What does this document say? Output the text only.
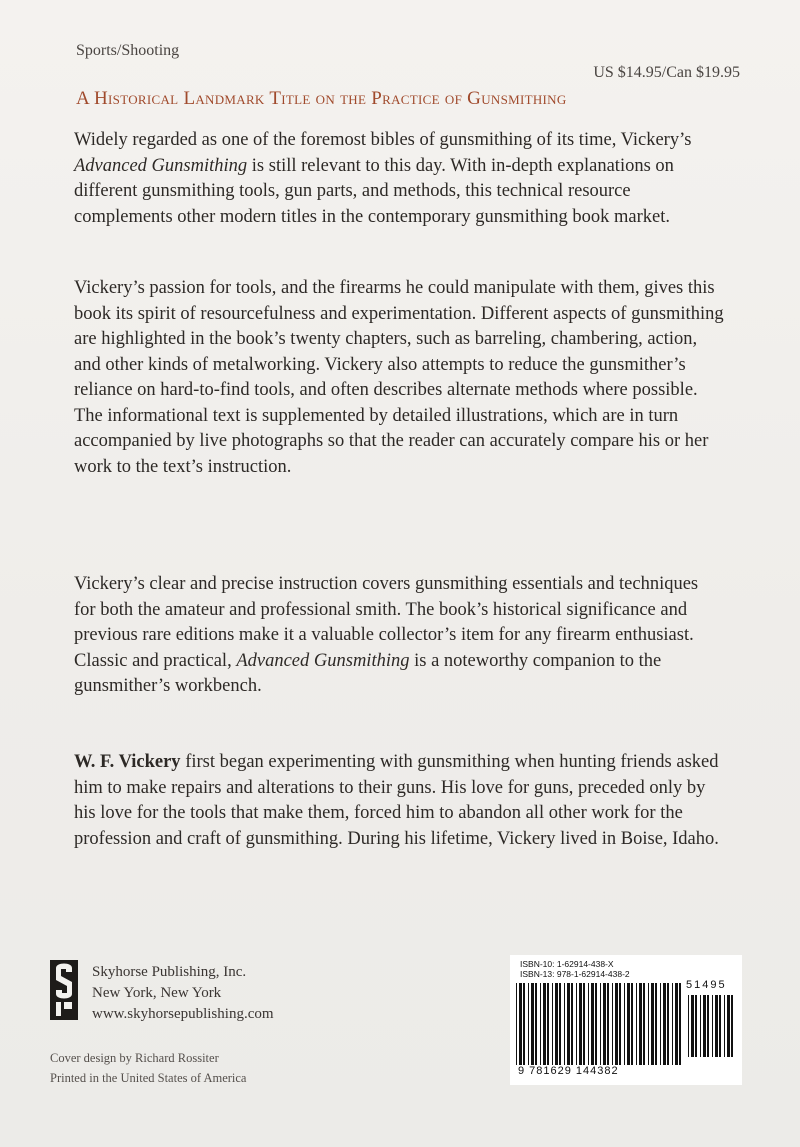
Sports/Shooting
US $14.95/Can $19.95
A Historical Landmark Title on the Practice of Gunsmithing

Widely regarded as one of the foremost bibles of gunsmithing of its time, Vickery’s Advanced Gunsmithing is still relevant to this day. With in-depth explanations on different gunsmithing tools, gun parts, and methods, this technical resource complements other modern titles in the contemporary gunsmithing book market.

Vickery’s passion for tools, and the firearms he could manipulate with them, gives this book its spirit of resourcefulness and experimentation. Different aspects of gunsmithing are highlighted in the book’s twenty chapters, such as barreling, chambering, action, and other kinds of metalworking. Vickery also attempts to reduce the gunsmither’s reliance on hard-to-find tools, and often describes alternate methods where possible. The informational text is supplemented by detailed illustrations, which are in turn accompanied by live photographs so that the reader can accurately compare his or her work to the text’s instruction.

Vickery’s clear and precise instruction covers gunsmithing essentials and techniques for both the amateur and professional smith. The book’s historical significance and previous rare editions make it a valuable collector’s item for any firearm enthusiast. Classic and practical, Advanced Gunsmithing is a noteworthy companion to the gunsmither’s workbench.

W. F. Vickery first began experimenting with gunsmithing when hunting friends asked him to make repairs and alterations to their guns. His love for guns, preceded only by his love for the tools that make them, forced him to abandon all other work for the profession and craft of gunsmithing. During his lifetime, Vickery lived in Boise, Idaho.

Skyhorse Publishing, Inc.
New York, New York
www.skyhorsepublishing.com
Cover design by Richard Rossiter
Printed in the United States of America
ISBN-10: 1-62914-438-X
ISBN-13: 978-1-62914-438-2
51495
9 781629 144382
